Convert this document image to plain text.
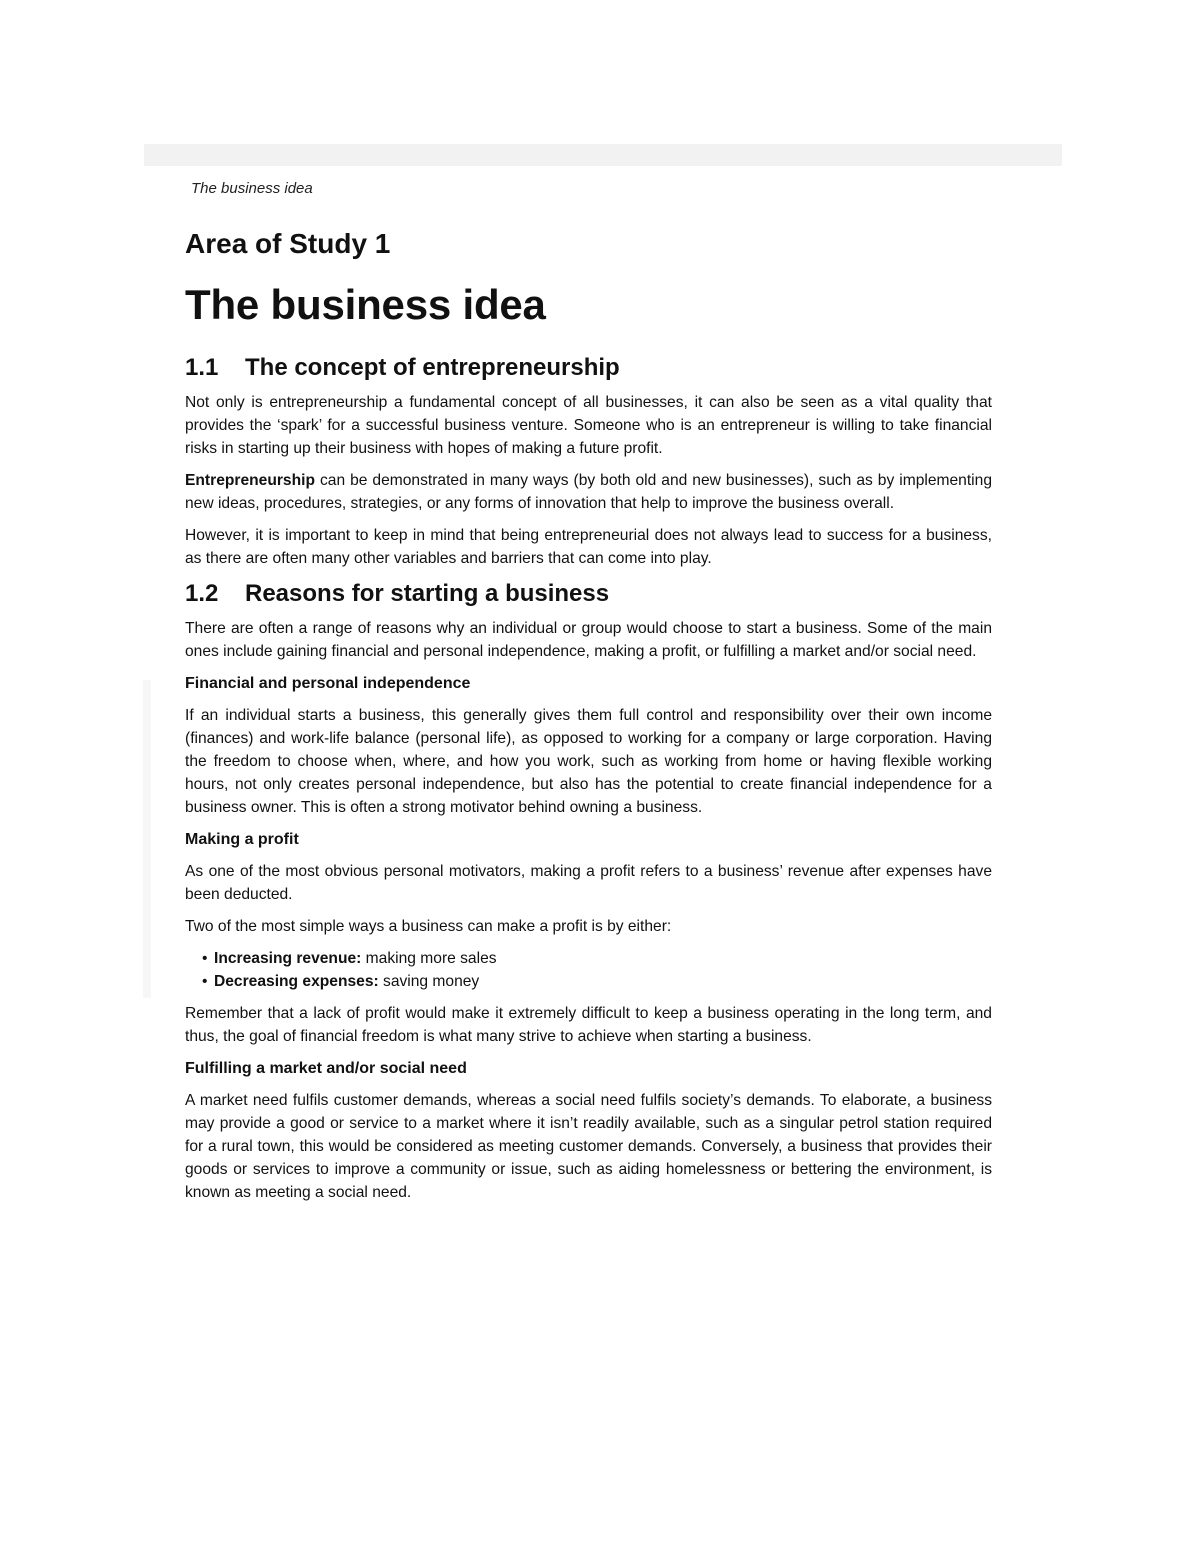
The business idea
Area of Study 1
The business idea
1.1 The concept of entrepreneurship

Not only is entrepreneurship a fundamental concept of all businesses, it can also be seen as a vital quality that provides the ‘spark’ for a successful business venture. Someone who is an entrepreneur is willing to take financial risks in starting up their business with hopes of making a future profit.

Entrepreneurship can be demonstrated in many ways (by both old and new businesses), such as by implementing new ideas, procedures, strategies, or any forms of innovation that help to improve the business overall.

However, it is important to keep in mind that being entrepreneurial does not always lead to success for a business, as there are often many other variables and barriers that can come into play.

1.2 Reasons for starting a business

There are often a range of reasons why an individual or group would choose to start a business. Some of the main ones include gaining financial and personal independence, making a profit, or fulfilling a market and/or social need.

Financial and personal independence

If an individual starts a business, this generally gives them full control and responsibility over their own income (finances) and work-life balance (personal life), as opposed to working for a company or large corporation. Having the freedom to choose when, where, and how you work, such as working from home or having flexible working hours, not only creates personal independence, but also has the potential to create financial independence for a business owner. This is often a strong motivator behind owning a business.

Making a profit

As one of the most obvious personal motivators, making a profit refers to a business’ revenue after expenses have been deducted.

Two of the most simple ways a business can make a profit is by either:

• Increasing revenue: making more sales
• Decreasing expenses: saving money

Remember that a lack of profit would make it extremely difficult to keep a business operating in the long term, and thus, the goal of financial freedom is what many strive to achieve when starting a business.

Fulfilling a market and/or social need

A market need fulfils customer demands, whereas a social need fulfils society’s demands. To elaborate, a business may provide a good or service to a market where it isn’t readily available, such as a singular petrol station required for a rural town, this would be considered as meeting customer demands. Conversely, a business that provides their goods or services to improve a community or issue, such as aiding homelessness or bettering the environment, is known as meeting a social need.
